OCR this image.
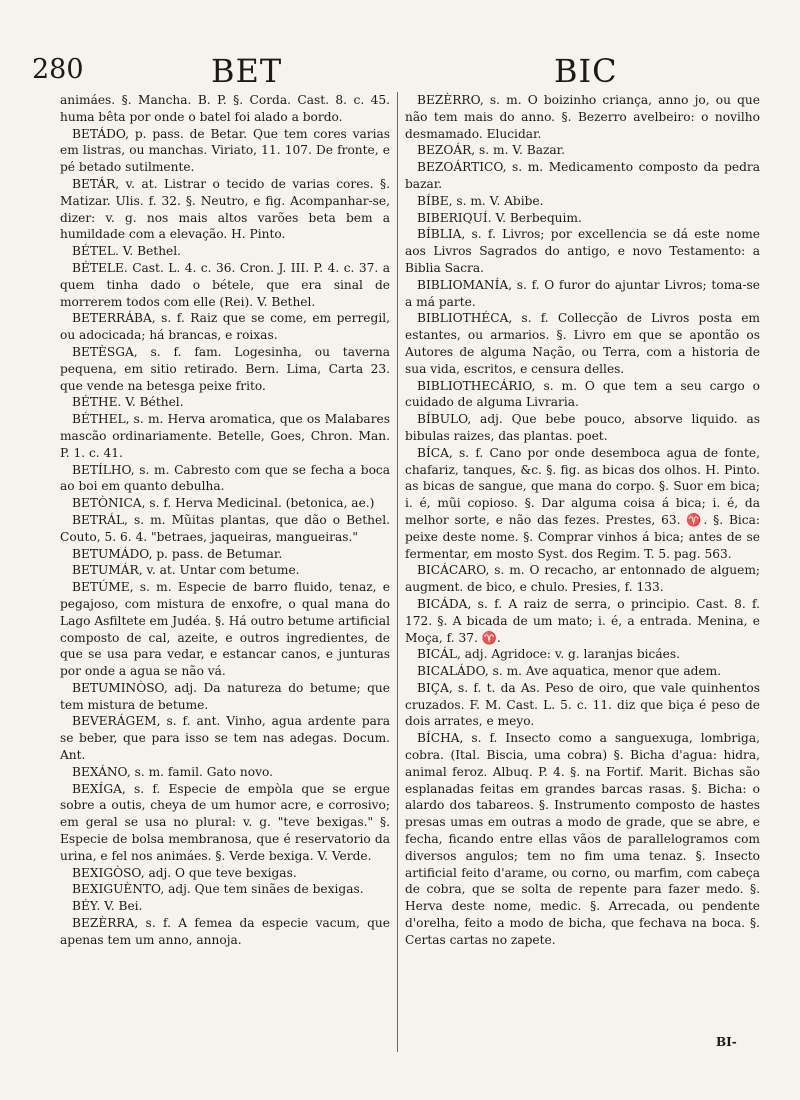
280	BET	BIC

animáes. §. Mancha. B. P. §. Corda. Cast. 8. c. 45. huma bêta por onde o batel foi alado a bordo.

BETÁDO, p. pass. de Betar. Que tem cores varias em listras, ou manchas. Viriato, 11. 107. De fronte, e pé betado sutilmente.

BETÁR, v. at. Listrar o tecido de varias cores. §. Matizar. Ulis. f. 32. §. Neutro, e fig. Acompanhar-se, dizer: v. g. nos mais altos varões beta bem a humildade com a elevação. H. Pinto.

BÉTEL. V. Bethel.

BÉTELE. Cast. L. 4. c. 36. Cron. J. III. P. 4. c. 37. a quem tinha dado o bétele, que era sinal de morrerem todos com elle (Rei). V. Bethel.

BETERRÁBA, s. f. Raiz que se come, em perregil, ou adocicada; há brancas, e roixas.

BETÈSGA, s. f. fam. Logesinha, ou taverna pequena, em sitio retirado. Bern. Lima, Carta 23. que vende na betesga peixe frito.

BÉTHE. V. Béthel.

BÉTHEL, s. m. Herva aromatica, que os Malabares mascão ordinariamente. Betelle, Goes, Chron. Man. P. 1. c. 41.

BETÍLHO, s. m. Cabresto com que se fecha a boca ao boi em quanto debulha.

BETÒNICA, s. f. Herva Medicinal. (betonica, ae.)

BETRÁL, s. m. Mũitas plantas, que dão o Bethel. Couto, 5. 6. 4. "betraes, jaqueiras, mangueiras."

BETUMÁDO, p. pass. de Betumar.

BETUMÁR, v. at. Untar com betume.

BETÚME, s. m. Especie de barro fluido, tenaz, e pegajoso, com mistura de enxofre, o qual mana do Lago Asfiltete em Judéa. §. Há outro betume artificial composto de cal, azeite, e outros ingredientes, de que se usa para vedar, e estancar canos, e junturas por onde a agua se não vá.

BETUMINÒSO, adj. Da natureza do betume; que tem mistura de betume.

BEVERÁGEM, s. f. ant. Vinho, agua ardente para se beber, que para isso se tem nas adegas. Docum. Ant.

BEXÁNO, s. m. famil. Gato novo.

BEXÍGA, s. f. Especie de empòla que se ergue sobre a outis, cheya de um humor acre, e corrosivo; em geral se usa no plural: v. g. "teve bexigas." §. Especie de bolsa membranosa, que é reservatorio da urina, e fel nos animáes. §. Verde bexiga. V. Verde.

BEXIGÒSO, adj. O que teve bexigas.

BEXIGUÈNTO, adj. Que tem sinães de bexigas.

BÉY. V. Bei.

BEZÈRRA, s. f. A femea da especie vacum, que apenas tem um anno, annoja.

BEZÈRRO, s. m. O boizinho criança, anno jo, ou que não tem mais do anno. §. Bezerro avelbeiro: o novilho desmamado. Elucidar.

BEZOÁR, s. m. V. Bazar.

BEZOÁRTICO, s. m. Medicamento composto da pedra bazar.

BÍBE, s. m. V. Abibe.

BIBERIQUÍ. V. Berbequim.

BÍBLIA, s. f. Livros; por excellencia se dá este nome aos Livros Sagrados do antigo, e novo Testamento: a Biblia Sacra.

BIBLIOMANÍA, s. f. O furor do ajuntar Livros; toma-se a má parte.

BIBLIOTHÉCA, s. f. Collecção de Livros posta em estantes, ou armarios. §. Livro em que se apontão os Autores de alguma Nação, ou Terra, com a historia de sua vida, escritos, e censura delles.

BIBLIOTHECÁRIO, s. m. O que tem a seu cargo o cuidado de alguma Livraria.

BÍBULO, adj. Que bebe pouco, absorve liquido. as bibulas raizes, das plantas. poet.

BÍCA, s. f. Cano por onde desemboca agua de fonte, chafariz, tanques, &c. §. fig. as bicas dos olhos. H. Pinto. as bicas de sangue, que mana do corpo. §. Suor em bica; i. é, mũi copioso. §. Dar alguma coisa á bica; i. é, da melhor sorte, e não das fezes. Prestes, 63. ♈. §. Bica: peixe deste nome. §. Comprar vinhos á bica; antes de se fermentar, em mosto Syst. dos Regim. T. 5. pag. 563.

BICÁCARO, s. m. O recacho, ar entonnado de alguem; augment. de bico, e chulo. Presies, f. 133.

BICÁDA, s. f. A raiz de serra, o principio. Cast. 8. f. 172. §. A bicada de um mato; i. é, a entrada. Menina, e Moça, f. 37. ♈.

BICÁL, adj. Agridoce: v. g. laranjas bicáes.

BICALÁDO, s. m. Ave aquatica, menor que adem.

BIÇA, s. f. t. da As. Peso de oiro, que vale quinhentos cruzados. F. M. Cast. L. 5. c. 11. diz que biça é peso de dois arrates, e meyo.

BÍCHA, s. f. Insecto como a sanguexuga, lombriga, cobra. (Ital. Biscia, uma cobra) §. Bicha d'agua: hidra, animal feroz. Albuq. P. 4. §. na Fortif. Marit. Bichas são esplanadas feitas em grandes barcas rasas. §. Bicha: o alardo dos tabareos. §. Instrumento composto de hastes presas umas em outras a modo de grade, que se abre, e fecha, ficando entre ellas vãos de parallelogramos com diversos angulos; tem no fim uma tenaz. §. Insecto artificial feito d'arame, ou corno, ou marfim, com cabeça de cobra, que se solta de repente para fazer medo. §. Herva deste nome, medic. §. Arrecada, ou pendente d'orelha, feito a modo de bicha, que fechava na boca. §. Certas cartas no zapete.

BI-
